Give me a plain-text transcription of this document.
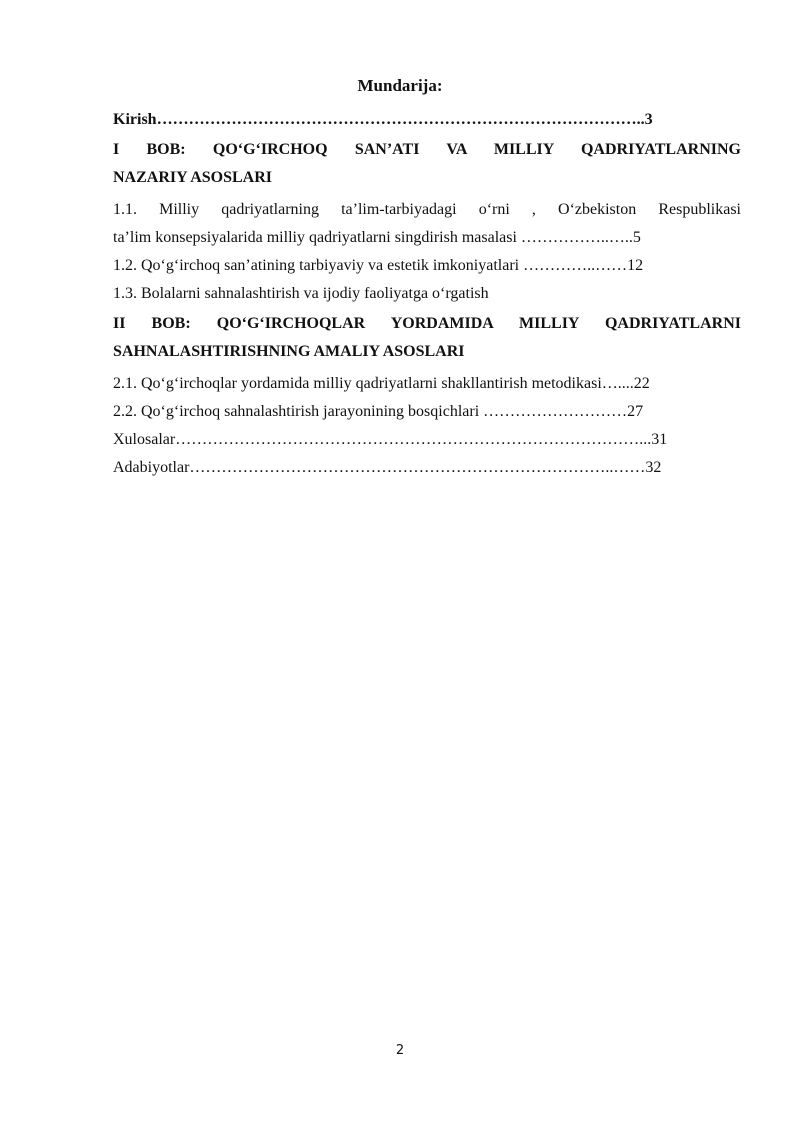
Mundarija:
Kirish………………………………………………………………………………..3
I BOB: QO‘G‘IRCHOQ SAN’ATI VA MILLIY QADRIYATLARNING
NAZARIY ASOSLARI
1.1. Milliy qadriyatlarning ta’lim-tarbiyadagi o‘rni , O‘zbekiston Respublikasi
ta’lim konsepsiyalarida milliy qadriyatlarni singdirish masalasi ……………..…..5
1.2. Qo‘g‘irchoq san’atining tarbiyaviy va estetik imkoniyatlari …………..……12
1.3. Bolalarni sahnalashtirish va ijodiy faoliyatga o‘rgatish
II BOB: QO‘G‘IRCHOQLAR YORDAMIDA MILLIY QADRIYATLARNI
SAHNALASHTIRISHNING AMALIY ASOSLARI
2.1. Qo‘g‘irchoqlar yordamida milliy qadriyatlarni shakllantirish metodikasi…....22
2.2. Qo‘g‘irchoq sahnalashtirish jarayonining bosqichlari ………………………27
Xulosalar……………………………………………………………………………...31
Adabiyotlar……………………………………………………………………..……32
2
